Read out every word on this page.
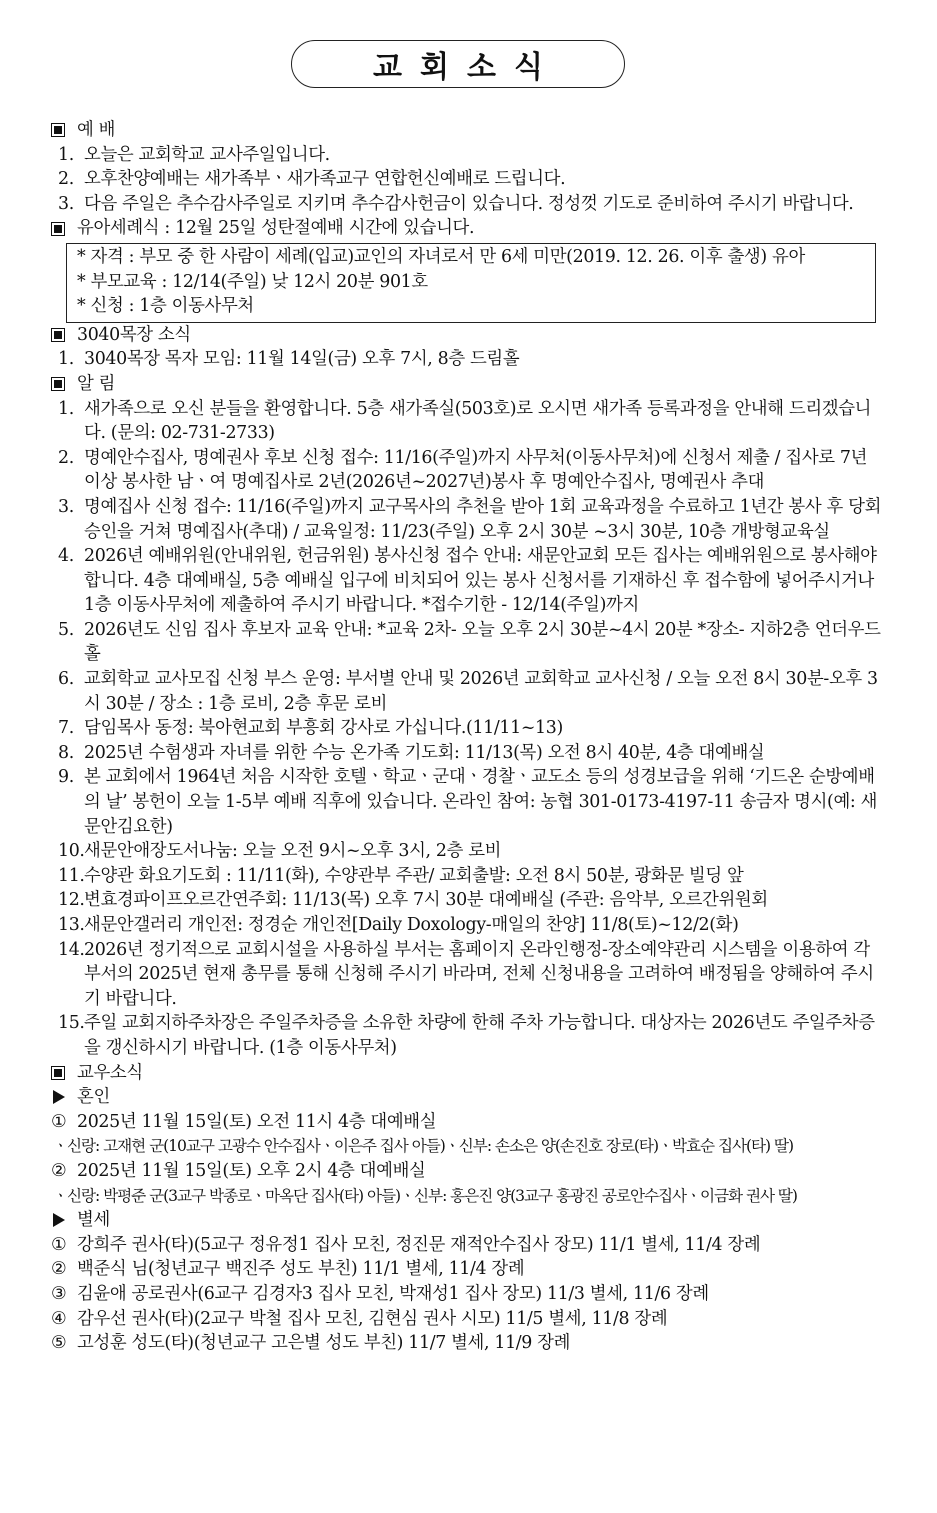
교회소식
예 배
1. 오늘은 교회학교 교사주일입니다.
2. 오후찬양예배는 새가족부ㆍ새가족교구 연합헌신예배로 드립니다.
3. 다음 주일은 추수감사주일로 지키며 추수감사헌금이 있습니다. 정성껏 기도로 준비하여 주시기 바랍니다.
유아세례식 : 12월 25일 성탄절예배 시간에 있습니다.
* 자격 : 부모 중 한 사람이 세례(입교)교인의 자녀로서 만 6세 미만(2019. 12. 26. 이후 출생) 유아
* 부모교육 : 12/14(주일) 낮 12시 20분 901호
* 신청 : 1층 이동사무처
3040목장 소식
1. 3040목장 목자 모임: 11월 14일(금) 오후 7시, 8층 드림홀
알 림
1. 새가족으로 오신 분들을 환영합니다. 5층 새가족실(503호)로 오시면 새가족 등록과정을 안내해 드리겠습니다. (문의: 02-731-2733)
2. 명예안수집사, 명예권사 후보 신청 접수: 11/16(주일)까지 사무처(이동사무처)에 신청서 제출 / 집사로 7년 이상 봉사한 남ㆍ여 명예집사로 2년(2026년~2027년)봉사 후 명예안수집사, 명예권사 추대
3. 명예집사 신청 접수: 11/16(주일)까지 교구목사의 추천을 받아 1회 교육과정을 수료하고 1년간 봉사 후 당회승인을 거쳐 명예집사(추대) / 교육일정: 11/23(주일) 오후 2시 30분 ~3시 30분, 10층 개방형교육실
4. 2026년 예배위원(안내위원, 헌금위원) 봉사신청 접수 안내: 새문안교회 모든 집사는 예배위원으로 봉사해야 합니다. 4층 대예배실, 5층 예배실 입구에 비치되어 있는 봉사 신청서를 기재하신 후 접수함에 넣어주시거나 1층 이동사무처에 제출하여 주시기 바랍니다. *접수기한 - 12/14(주일)까지
5. 2026년도 신임 집사 후보자 교육 안내: *교육 2차- 오늘 오후 2시 30분~4시 20분 *장소- 지하2층 언더우드홀
6. 교회학교 교사모집 신청 부스 운영: 부서별 안내 및 2026년 교회학교 교사신청 / 오늘 오전 8시 30분-오후 3시 30분 / 장소 : 1층 로비, 2층 후문 로비
7. 담임목사 동정: 북아현교회 부흥회 강사로 가십니다.(11/11~13)
8. 2025년 수험생과 자녀를 위한 수능 온가족 기도회: 11/13(목) 오전 8시 40분, 4층 대예배실
9. 본 교회에서 1964년 처음 시작한 호텔ㆍ학교ㆍ군대ㆍ경찰ㆍ교도소 등의 성경보급을 위해 ‘기드온 순방예배의 날’ 봉헌이 오늘 1-5부 예배 직후에 있습니다. 온라인 참여: 농협 301-0173-4197-11 송금자 명시(예: 새문안김요한)
10. 새문안애장도서나눔: 오늘 오전 9시~오후 3시, 2층 로비
11. 수양관 화요기도회 : 11/11(화), 수양관부 주관/ 교회출발: 오전 8시 50분, 광화문 빌딩 앞
12. 변효경파이프오르간연주회: 11/13(목) 오후 7시 30분 대예배실 (주관: 음악부, 오르간위원회
13. 새문안갤러리 개인전: 정경순 개인전[Daily Doxology-매일의 찬양] 11/8(토)~12/2(화)
14. 2026년 정기적으로 교회시설을 사용하실 부서는 홈페이지 온라인행정-장소예약관리 시스템을 이용하여 각 부서의 2025년 현재 총무를 통해 신청해 주시기 바라며, 전체 신청내용을 고려하여 배정됨을 양해하여 주시기 바랍니다.
15. 주일 교회지하주차장은 주일주차증을 소유한 차량에 한해 주차 가능합니다. 대상자는 2026년도 주일주차증을 갱신하시기 바랍니다. (1층 이동사무처)
교우소식
혼인
① 2025년 11월 15일(토) 오전 11시 4층 대예배실
ㆍ신랑: 고재현 군(10교구 고광수 안수집사ㆍ이은주 집사 아들)ㆍ신부: 손소은 양(손진호 장로(타)ㆍ박효순 집사(타) 딸)
② 2025년 11월 15일(토) 오후 2시 4층 대예배실
ㆍ신랑: 박평준 군(3교구 박종로ㆍ마옥단 집사(타) 아들)ㆍ신부: 홍은진 양(3교구 홍광진 공로안수집사ㆍ이금화 권사 딸)
별세
① 강희주 권사(타)(5교구 정유정1 집사 모친, 정진문 재적안수집사 장모) 11/1 별세, 11/4 장례
② 백준식 님(청년교구 백진주 성도 부친) 11/1 별세, 11/4 장례
③ 김윤애 공로권사(6교구 김경자3 집사 모친, 박재성1 집사 장모) 11/3 별세, 11/6 장례
④ 감우선 권사(타)(2교구 박철 집사 모친, 김현심 권사 시모) 11/5 별세, 11/8 장례
⑤ 고성훈 성도(타)(청년교구 고은별 성도 부친) 11/7 별세, 11/9 장례
